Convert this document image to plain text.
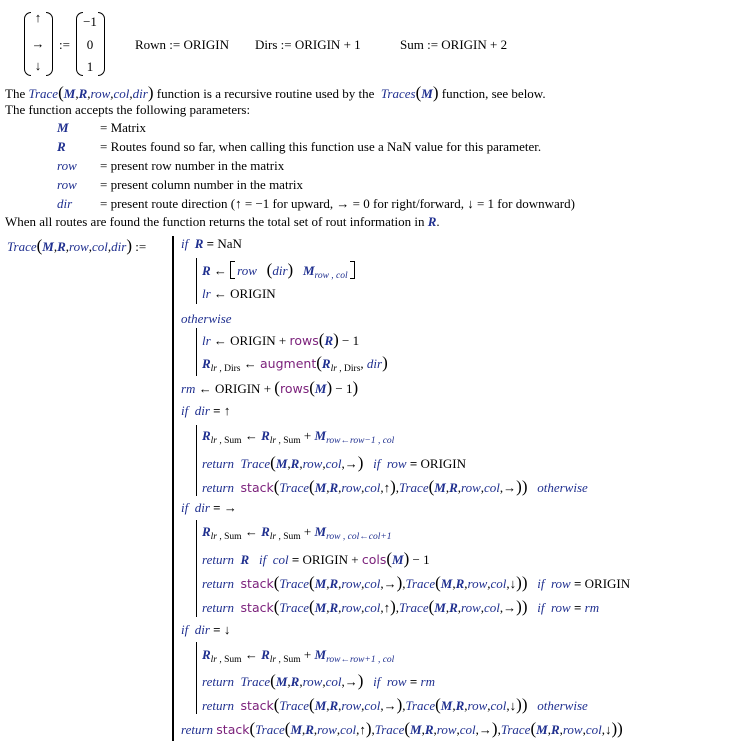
↑
→
↓
:=
−1
0
1
Rown := ORIGIN Dirs := ORIGIN + 1	Sum := ORIGIN + 2
The Trace(M,R,row,col,dir) function is a recursive routine used by the Traces(M) function, see below.
The function accepts the following parameters:
M = Matrix
R	= Routes found so far, when calling this function use a NaN value for this parameter.
row = present row number in the matrix
row = present column number in the matrix
dir = present route direction (↑ = −1 for upward, → = 0 for right/forward, ↓ = 1 for downward)
When all routes are found the function returns the total set of rout information in R.
Trace(M,R,row,col,dir) :=	if R = NaN
R ← row (dir) $M_{row , col}$
lr ← ORIGIN
otherwise
lr ← ORIGIN + rows(R) − 1
$R_{lr , Dirs}$ ← $augment(R_{lr , Dirs}$, dir)
rm ← ORIGIN + (rows(M) − 1)
if dir = ↑
$R_{lr , Sum}$ ← $R_{lr , Sum} + M_{row\leftarrow row-1 , col}$
return Trace(M,R,row,col,→) if row = ORIGIN
return stack(Trace(M,R,row,col,↑),Trace(M,R,row,col,→)) otherwise
if dir = →
$R_{lr , Sum}$ ← $R_{lr , Sum} + M_{row , col\leftarrow col+1}$
return R if col = ORIGIN + cols(M) − 1
return stack(Trace(M,R,row,col,→),Trace(M,R,row,col,↓)) if row = ORIGIN
return stack(Trace(M,R,row,col,↑),Trace(M,R,row,col,→)) if row = rm
if dir = ↓
$R_{lr , Sum}$ ← $R_{lr , Sum} + M_{row\leftarrow row+1 , col}$
return Trace(M,R,row,col,→) if row = rm
return stack(Trace(M,R,row,col,→),Trace(M,R,row,col,↓)) otherwise
return stack(Trace(M,R,row,col,↑),Trace(M,R,row,col,→),Trace(M,R,row,col,↓))
